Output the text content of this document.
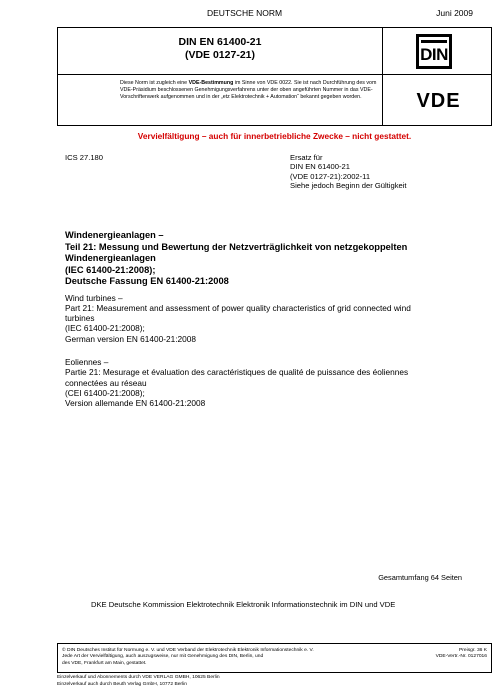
DEUTSCHE NORM	Juni 2009
DIN EN 61400-21
(VDE 0127-21)
Diese Norm ist zugleich eine VDE-Bestimmung im Sinne von VDE 0022. Sie ist nach Durchführung des vom VDE-Präsidium beschlossenen Genehmigungsverfahrens unter der oben angeführten Nummer in das VDE-Vorschriftenwerk aufgenommen und in der „etz Elektrotechnik + Automation“ bekannt gegeben worden.
DIN
VDE
Vervielfältigung – auch für innerbetriebliche Zwecke – nicht gestattet.
ICS 27.180	Ersatz für
DIN EN 61400-21
(VDE 0127-21):2002-11
Siehe jedoch Beginn der Gültigkeit
Windenergieanlagen –
Teil 21: Messung und Bewertung der Netzverträglichkeit von netzgekoppelten
Windenergieanlagen
(IEC 61400-21:2008);
Deutsche Fassung EN 61400-21:2008
Wind turbines –
Part 21: Measurement and assessment of power quality characteristics of grid connected wind
turbines
(IEC 61400-21:2008);
German version EN 61400-21:2008
Eoliennes –
Partie 21: Mesurage et évaluation des caractéristiques de qualité de puissance des éoliennes
connectées au réseau
(CEI 61400-21:2008);
Version allemande EN 61400-21:2008
Gesamtumfang 64 Seiten
DKE Deutsche Kommission Elektrotechnik Elektronik Informationstechnik im DIN und VDE
© DIN Deutsches Institut für Normung e. V. und VDE Verband der Elektrotechnik Elektronik Informationstechnik e. V.
Jede Art der Vervielfältigung, auch auszugsweise, nur mit Genehmigung des DIN, Berlin, und
des VDE, Frankfurt am Main, gestattet.
Preisgr. 36 K
VDE-Vertr.-Nr. 0127016
Einzelverkauf und Abonnements durch VDE VERLAG GMBH, 10625 Berlin
Einzelverkauf auch durch Beuth Verlag GmbH, 10772 Berlin
